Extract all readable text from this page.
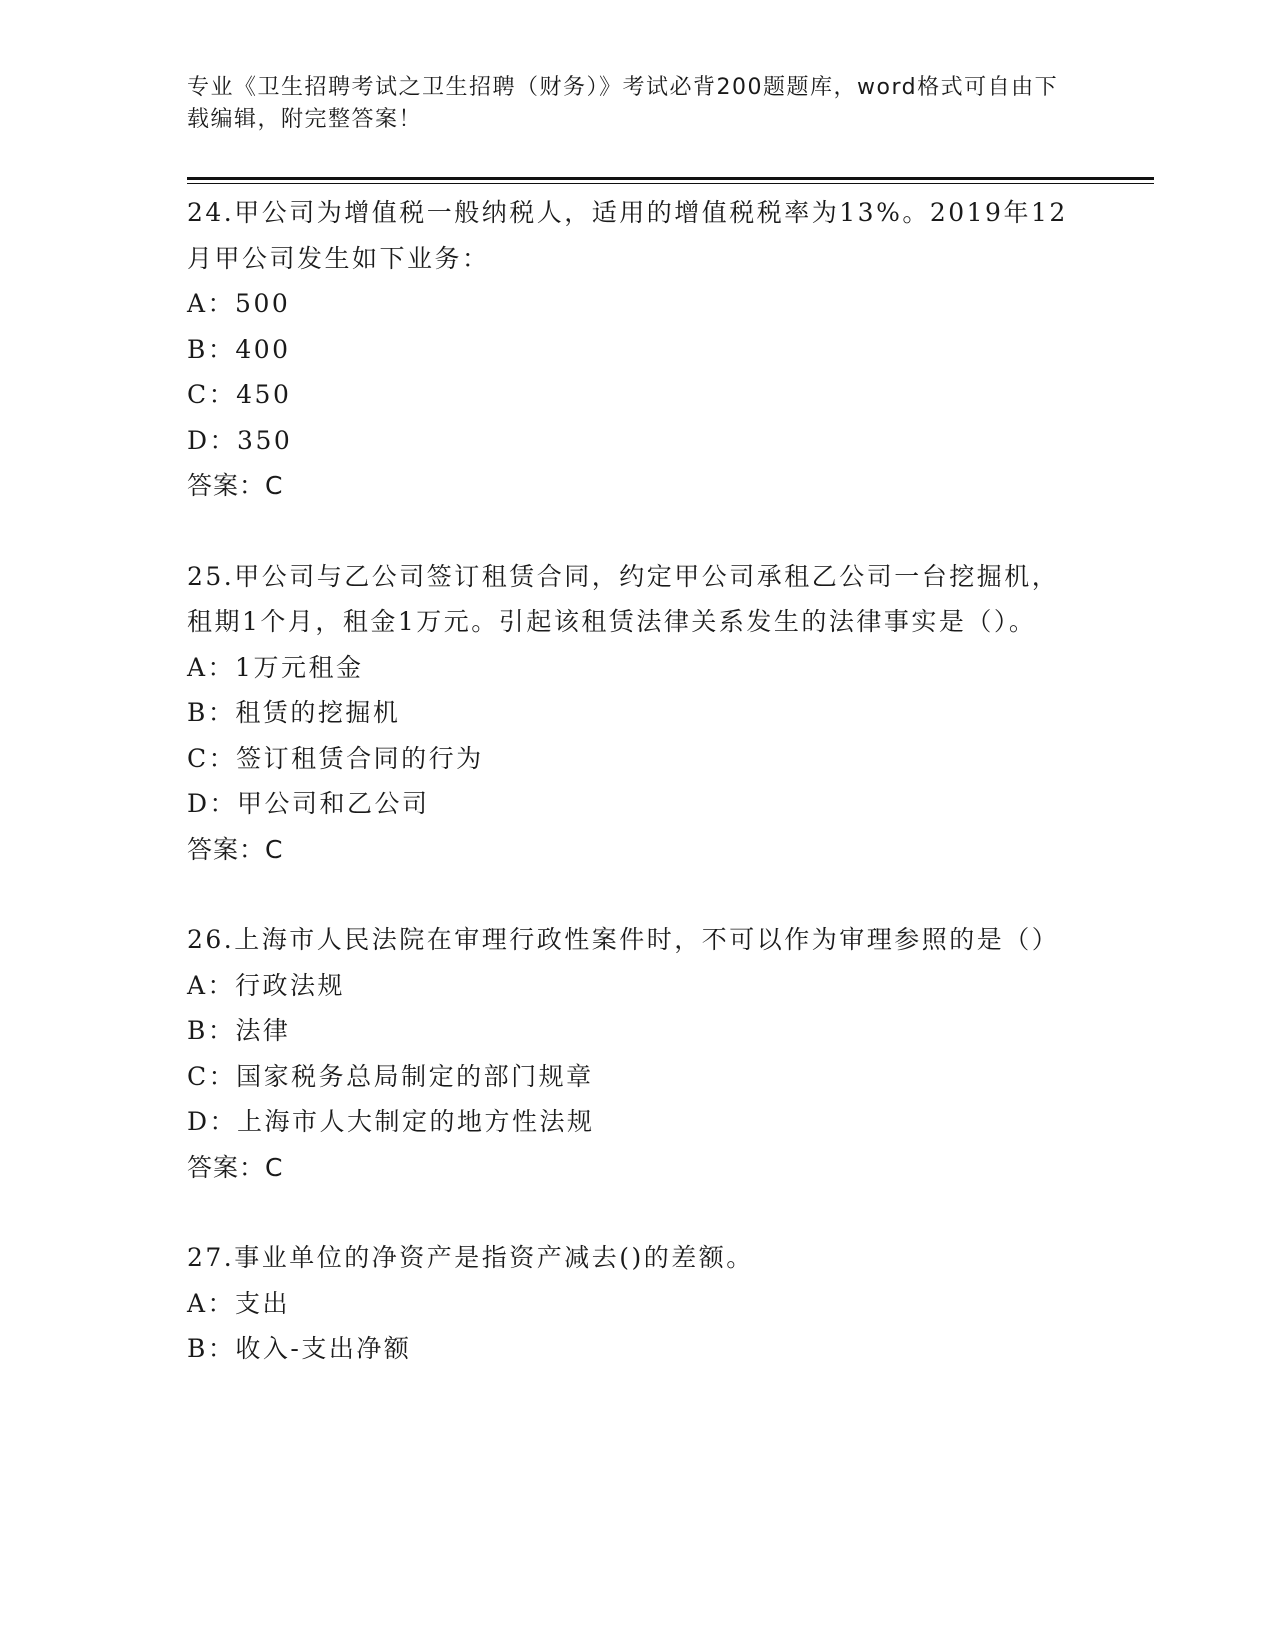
专业《卫生招聘考试之卫生招聘（财务）》考试必背200题题库，word格式可自由下载编辑，附完整答案！

24.甲公司为增值税一般纳税人，适用的增值税税率为13%。2019年12月甲公司发生如下业务：

A：500
B：400
C：450
D：350
答案：C

25.甲公司与乙公司签订租赁合同，约定甲公司承租乙公司一台挖掘机，租期1个月，租金1万元。引起该租赁法律关系发生的法律事实是（）。

A：1万元租金
B：租赁的挖掘机
C：签订租赁合同的行为
D：甲公司和乙公司
答案：C

26.上海市人民法院在审理行政性案件时，不可以作为审理参照的是（）

A：行政法规
B：法律
C：国家税务总局制定的部门规章
D：上海市人大制定的地方性法规
答案：C

27.事业单位的净资产是指资产减去()的差额。

A：支出
B：收入-支出净额
